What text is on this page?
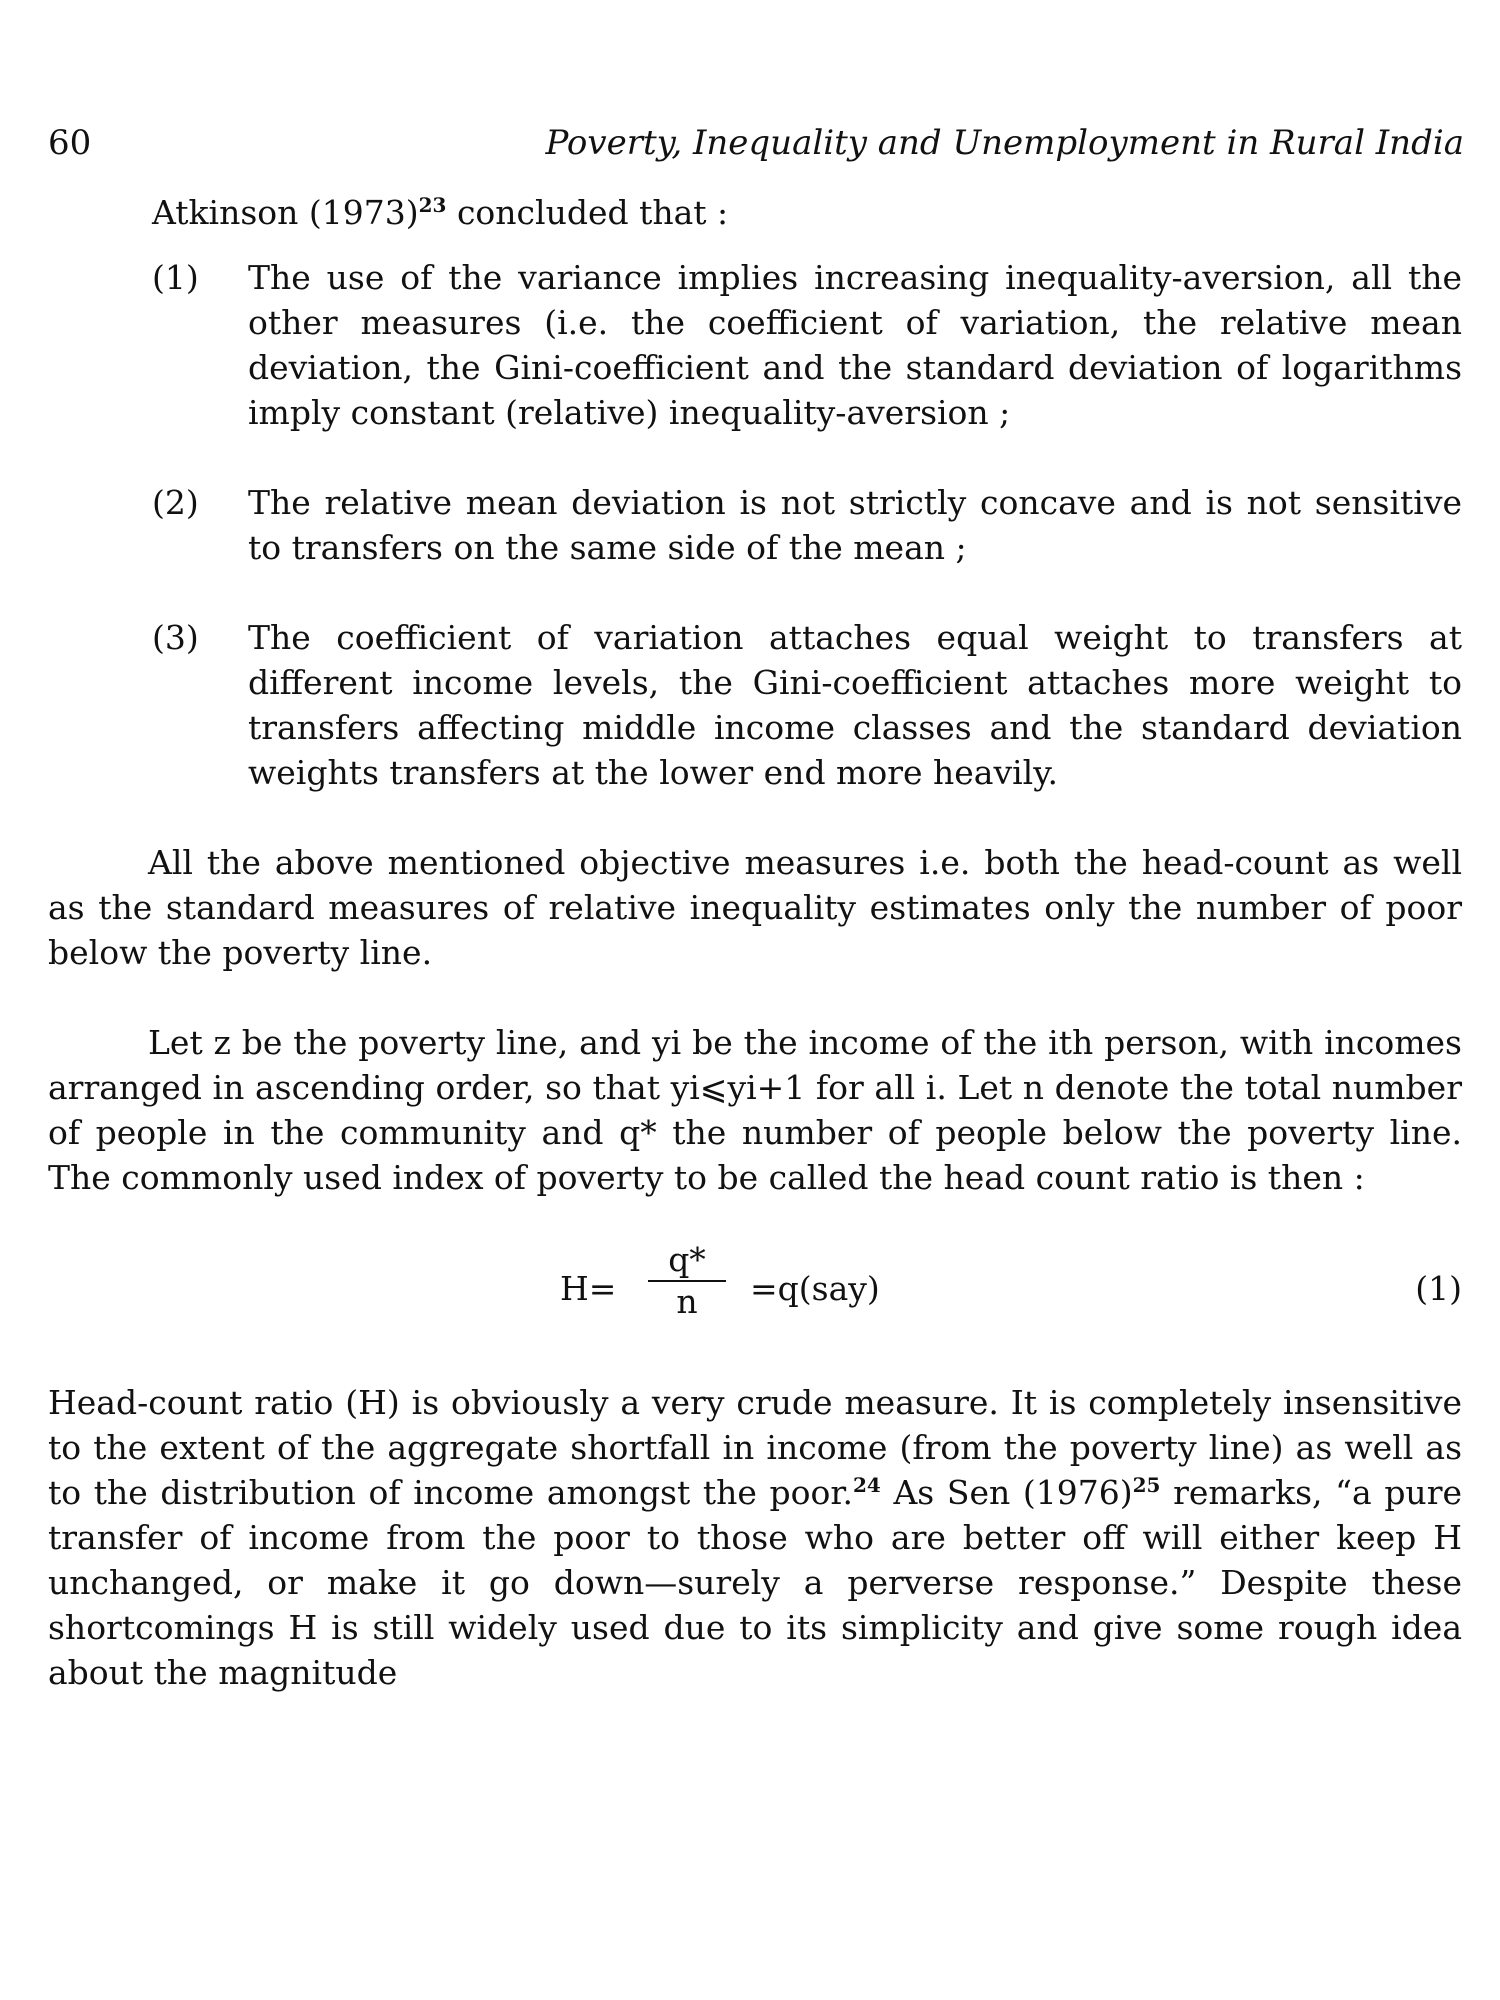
60	Poverty, Inequality and Unemployment in Rural India

Atkinson $(1973)^{23}$ concluded that :

(1)	The use of the variance implies increasing inequality-aversion, all the other measures (i.e. the coefficient of variation, the relative mean deviation, the Gini-coefficient and the standard deviation of logarithms imply constant (relative) inequality-aversion ;
(2)	The relative mean deviation is not strictly concave and is not sensitive to transfers on the same side of the mean ;
(3)	The coefficient of variation attaches equal weight to transfers at different income levels, the Gini-coefficient attaches more weight to transfers affecting middle income classes and the standard deviation weights transfers at the lower end more heavily.

All the above mentioned objective measures i.e. both the head-count as well as the standard measures of relative inequality estimates only the number of poor below the poverty line.

Let z be the poverty line, and yi be the income of the ith person, with incomes arranged in ascending order, so that yi⩽yi+1 for all i. Let n denote the total number of people in the community and q* the number of people below the poverty line. The commonly used index of poverty to be called the head count ratio is then :

H=
q*
n	=q(say)	(1)

Head-count ratio (H) is obviously a very crude measure. It is completely insensitive to the extent of the aggregate shortfall in income (from the poverty line) as well as to the distribution of income amongst the poor.$^{24}$ As Sen $(1976)^{25}$ remarks, “a pure transfer of income from the poor to those who are better off will either keep H unchanged, or make it go down—surely a perverse response.” Despite these shortcomings H is still widely used due to its simplicity and give some rough idea about the magnitude
